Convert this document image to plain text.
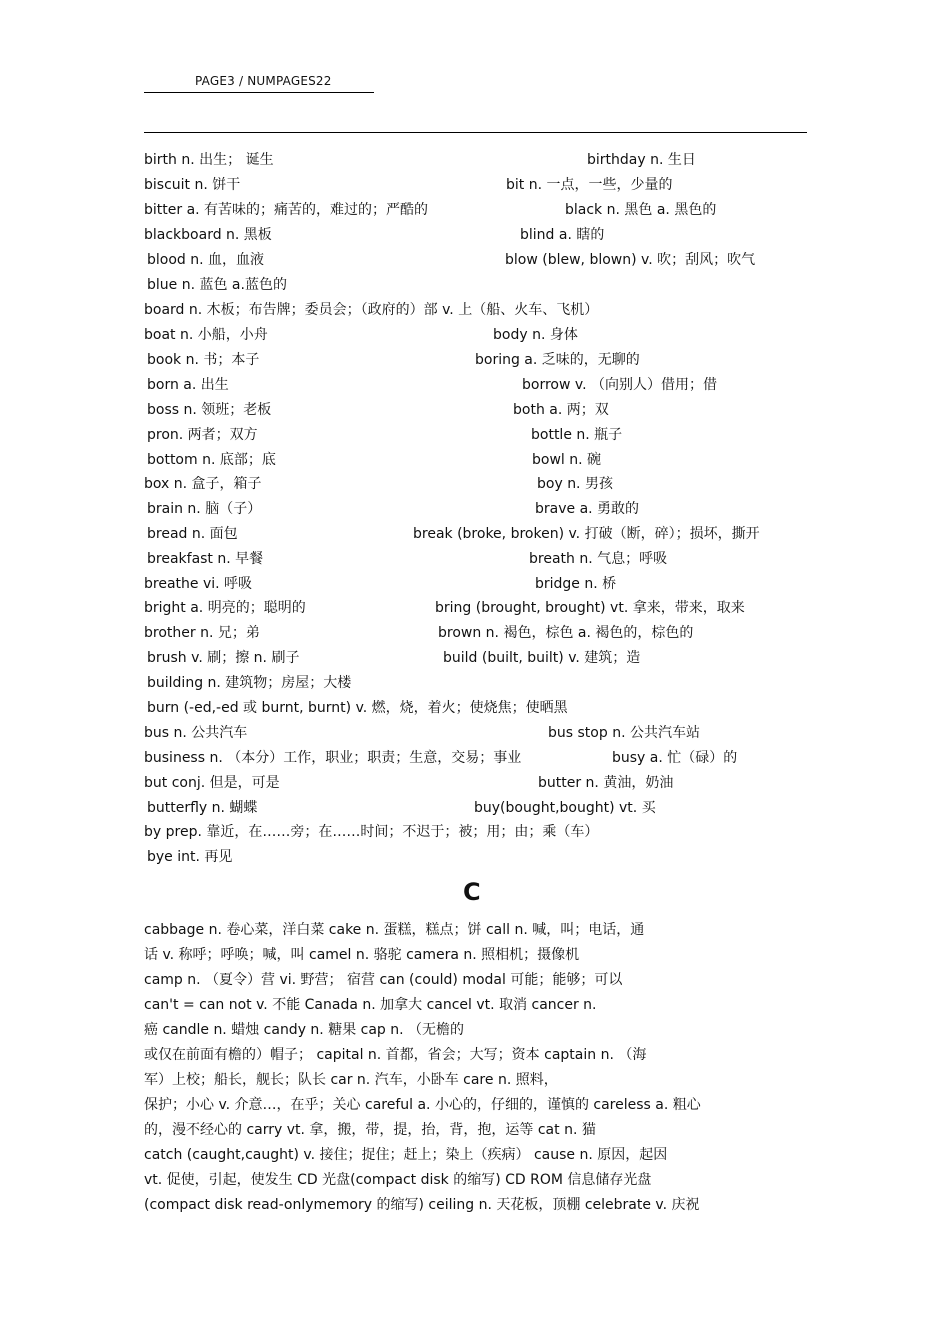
PAGE3 / NUMPAGES22
birth n. 出生； 诞生	birthday n. 生日
biscuit n. 饼干	bit n. 一点，一些，少量的
bitter a. 有苦味的；痛苦的，难过的；严酷的	black n. 黑色 a. 黑色的
blackboard n. 黑板	blind a. 瞎的
blood n. 血，血液	blow (blew, blown) v. 吹；刮风；吹气
blue n. 蓝色 a.蓝色的
board n. 木板；布告牌；委员会；（政府的）部 v. 上（船、火车、飞机）
boat n. 小船，小舟	body n. 身体
book n. 书；本子	boring a. 乏味的，无聊的
born a. 出生	borrow v. （向别人）借用；借
boss n. 领班；老板	both a. 两；双
pron. 两者；双方	bottle n. 瓶子
bottom n. 底部；底	bowl n. 碗
box n. 盒子，箱子	boy n. 男孩
brain n. 脑（子）	brave a. 勇敢的
bread n. 面包	break (broke, broken) v. 打破（断，碎）；损坏，撕开
breakfast n. 早餐	breath n. 气息；呼吸
breathe vi. 呼吸	bridge n. 桥
bright a. 明亮的；聪明的	bring (brought, brought) vt. 拿来，带来，取来
brother n. 兄；弟	brown n. 褐色，棕色 a. 褐色的，棕色的
brush v. 刷；擦 n. 刷子	build (built, built) v. 建筑；造
building n. 建筑物；房屋；大楼
burn (-ed,-ed 或 burnt, burnt) v. 燃，烧，着火；使烧焦；使晒黑
bus n. 公共汽车	bus stop n. 公共汽车站
business n. （本分）工作，职业；职责；生意，交易；事业	busy a. 忙（碌）的
but conj. 但是，可是	butter n. 黄油，奶油
butterfly n. 蝴蝶	buy(bought,bought) vt. 买
by prep. 靠近，在……旁；在……时间；不迟于；被；用；由；乘（车）
bye int. 再见
C
cabbage n. 卷心菜，洋白菜 cake n. 蛋糕，糕点；饼 call n. 喊，叫；电话，通
话 v. 称呼；呼唤；喊，叫 camel n. 骆驼 camera n. 照相机；摄像机
camp n. （夏令）营 vi. 野营； 宿营 can (could) modal 可能；能够；可以
can't = can not v. 不能 Canada n. 加拿大 cancel vt. 取消 cancer n.
癌 candle n. 蜡烛 candy n. 糖果 cap n. （无檐的
或仅在前面有檐的）帽子； capital n. 首都，省会；大写；资本 captain n. （海
军）上校；船长，舰长；队长 car n. 汽车，小卧车 care n. 照料，
保护；小心 v. 介意…，在乎；关心 careful a. 小心的，仔细的，谨慎的 careless a. 粗心
的，漫不经心的 carry vt. 拿，搬，带，提，抬，背，抱，运等 cat n. 猫
catch (caught,caught) v. 接住；捉住；赶上；染上（疾病） cause n. 原因，起因
vt. 促使，引起，使发生 CD 光盘(compact disk 的缩写) CD ROM 信息储存光盘
(compact disk read-onlymemory 的缩写) ceiling n. 天花板，顶棚 celebrate v. 庆祝
